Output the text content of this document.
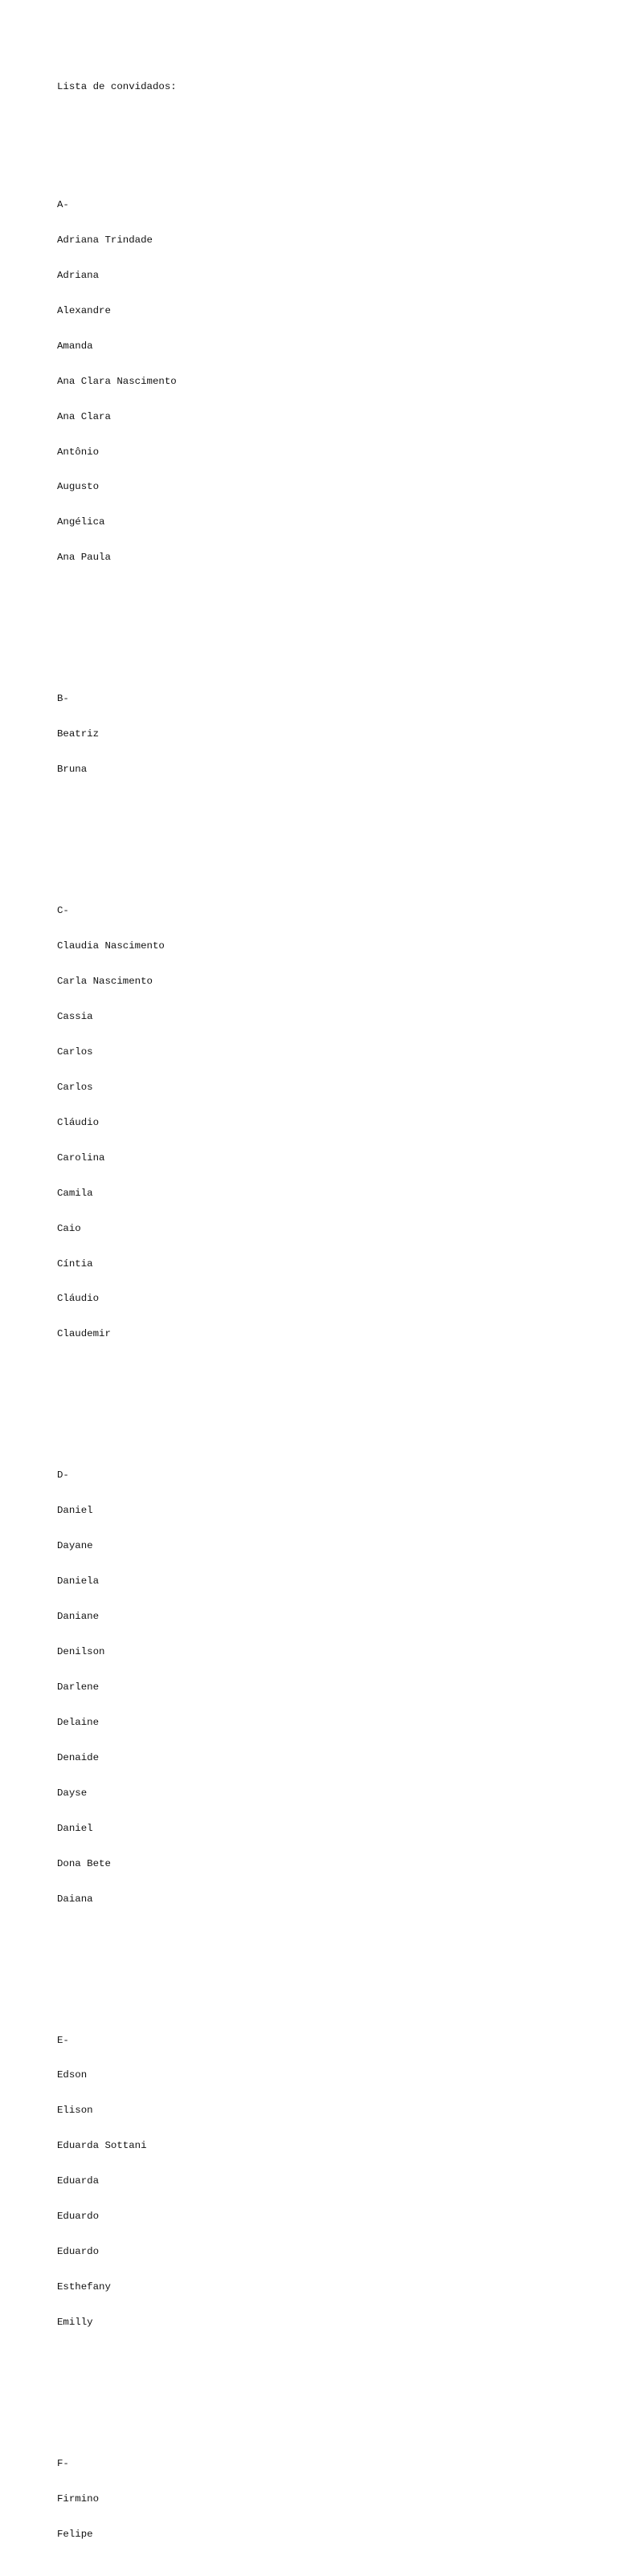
Lista de convidados:

A-

Adriana Trindade

Adriana

Alexandre

Amanda

Ana Clara Nascimento

Ana Clara

Antônio

Augusto

Angélica

Ana Paula

B-

Beatriz

Bruna

C-

Claudia Nascimento

Carla Nascimento

Cassia

Carlos

Carlos

Cláudio

Carolina

Camila

Caio

Cíntia

Cláudio

Claudemir

D-

Daniel

Dayane

Daniela

Daniane

Denilson

Darlene

Delaine

Denaide

Dayse

Daniel

Dona Bete

Daiana

E-

Edson

Elison

Eduarda Sottani

Eduarda

Eduardo

Eduardo

Esthefany

Emilly

F-

Firmino

Felipe
